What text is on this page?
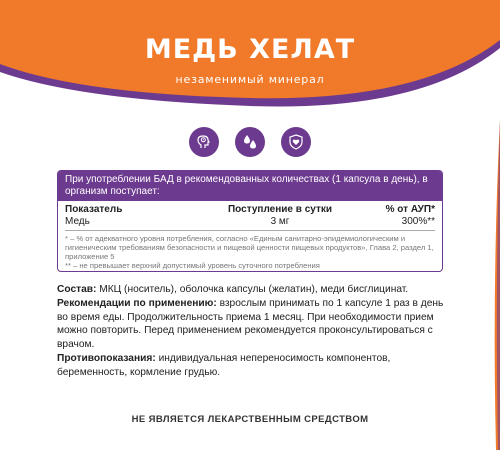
МЕДЬ ХЕЛАТ
незаменимый минерал
При употреблении БАД в рекомендованных количествах (1 капсула в день), в организм поступает:
Показатель	Поступление в сутки	% от АУП*
Медь	3 мг	300%**
* – % от адекватного уровня потребления, согласно «Единым санитарно-эпидемиологическим и гигиеническим требованиям безопасности и пищевой ценности пищевых продуктов», Глава 2, раздел 1, приложение 5
** – не превышает верхний допустимый уровень суточного потребления
Состав: МКЦ (носитель), оболочка капсулы (желатин), меди бисглицинат.
Рекомендации по применению: взрослым принимать по 1 капсуле 1 раз в день во время еды. Продолжительность приема 1 месяц. При необходимости прием можно повторить. Перед применением рекомендуется проконсультироваться с врачом.
Противопоказания: индивидуальная непереносимость компонентов, беременность, кормление грудью.
НЕ ЯВЛЯЕТСЯ ЛЕКАРСТВЕННЫМ СРЕДСТВОМ
